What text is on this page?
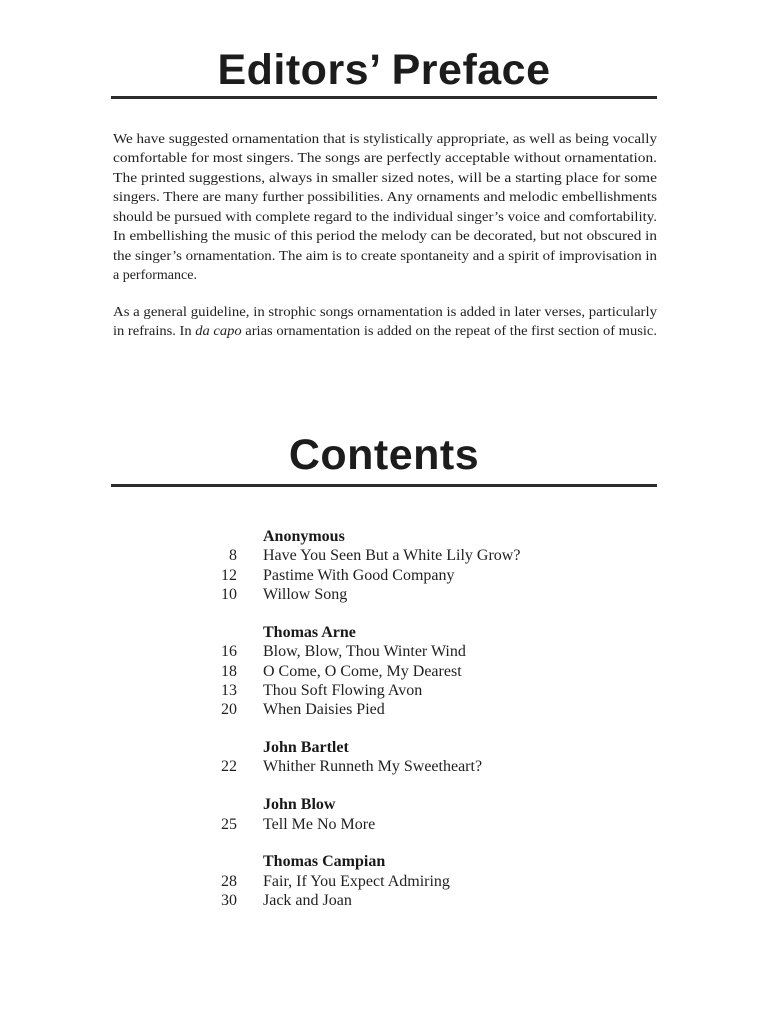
Editors’ Preface
We have suggested ornamentation that is stylistically appropriate, as well as being vocally
comfortable for most singers. The songs are perfectly acceptable without ornamentation.
The printed suggestions, always in smaller sized notes, will be a starting place for some
singers. There are many further possibilities. Any ornaments and melodic embellishments
should be pursued with complete regard to the individual singer’s voice and comfortability.
In embellishing the music of this period the melody can be decorated, but not obscured in
the singer’s ornamentation. The aim is to create spontaneity and a spirit of improvisation in
a performance.
As a general guideline, in strophic songs ornamentation is added in later verses, particularly
in refrains. In da capo arias ornamentation is added on the repeat of the first section of music.
Contents
Anonymous
8 Have You Seen But a White Lily Grow?
12 Pastime With Good Company
10 Willow Song
Thomas Arne
16 Blow, Blow, Thou Winter Wind
18 O Come, O Come, My Dearest
13 Thou Soft Flowing Avon
20 When Daisies Pied
John Bartlet
22 Whither Runneth My Sweetheart?
John Blow
25 Tell Me No More
Thomas Campian
28 Fair, If You Expect Admiring
30 Jack and Joan
